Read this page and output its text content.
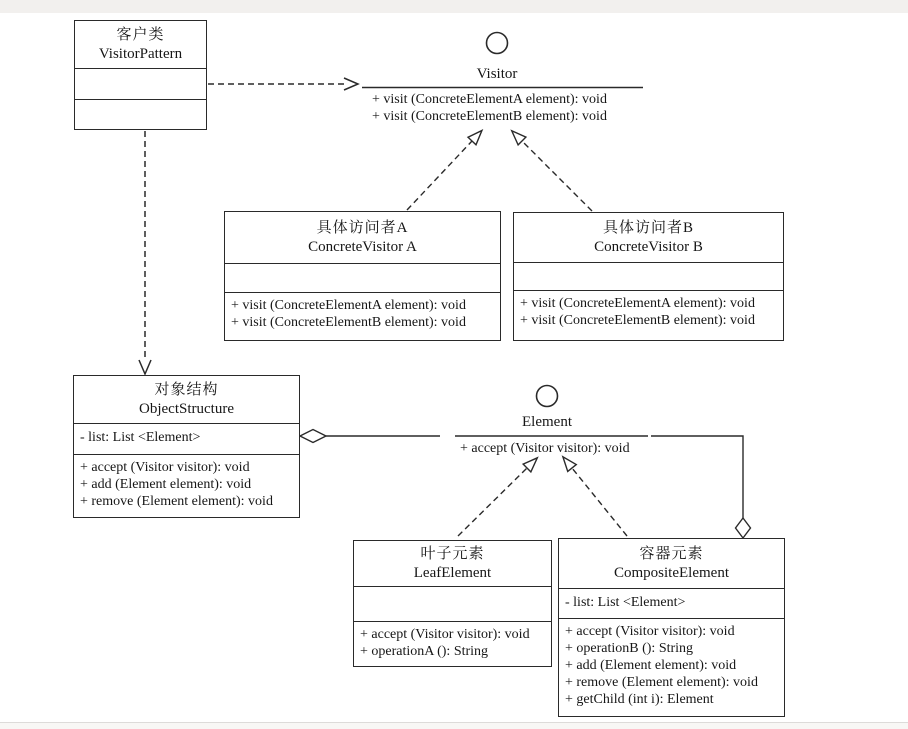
客户类
VisitorPattern
Visitor
+ visit (ConcreteElementA element): void
+ visit (ConcreteElementB element): void
具体访问者A
ConcreteVisitor A
+ visit (ConcreteElementA element): void
+ visit (ConcreteElementB element): void
具体访问者B
ConcreteVisitor B
+ visit (ConcreteElementA element): void
+ visit (ConcreteElementB element): void
对象结构
ObjectStructure
- list: List <Element>
+ accept (Visitor visitor): void
+ add (Element element): void
+ remove (Element element): void
Element
+ accept (Visitor visitor): void
叶子元素
LeafElement
+ accept (Visitor visitor): void
+ operationA (): String
容器元素
CompositeElement
- list: List <Element>
+ accept (Visitor visitor): void
+ operationB (): String
+ add (Element element): void
+ remove (Element element): void
+ getChild (int i): Element
